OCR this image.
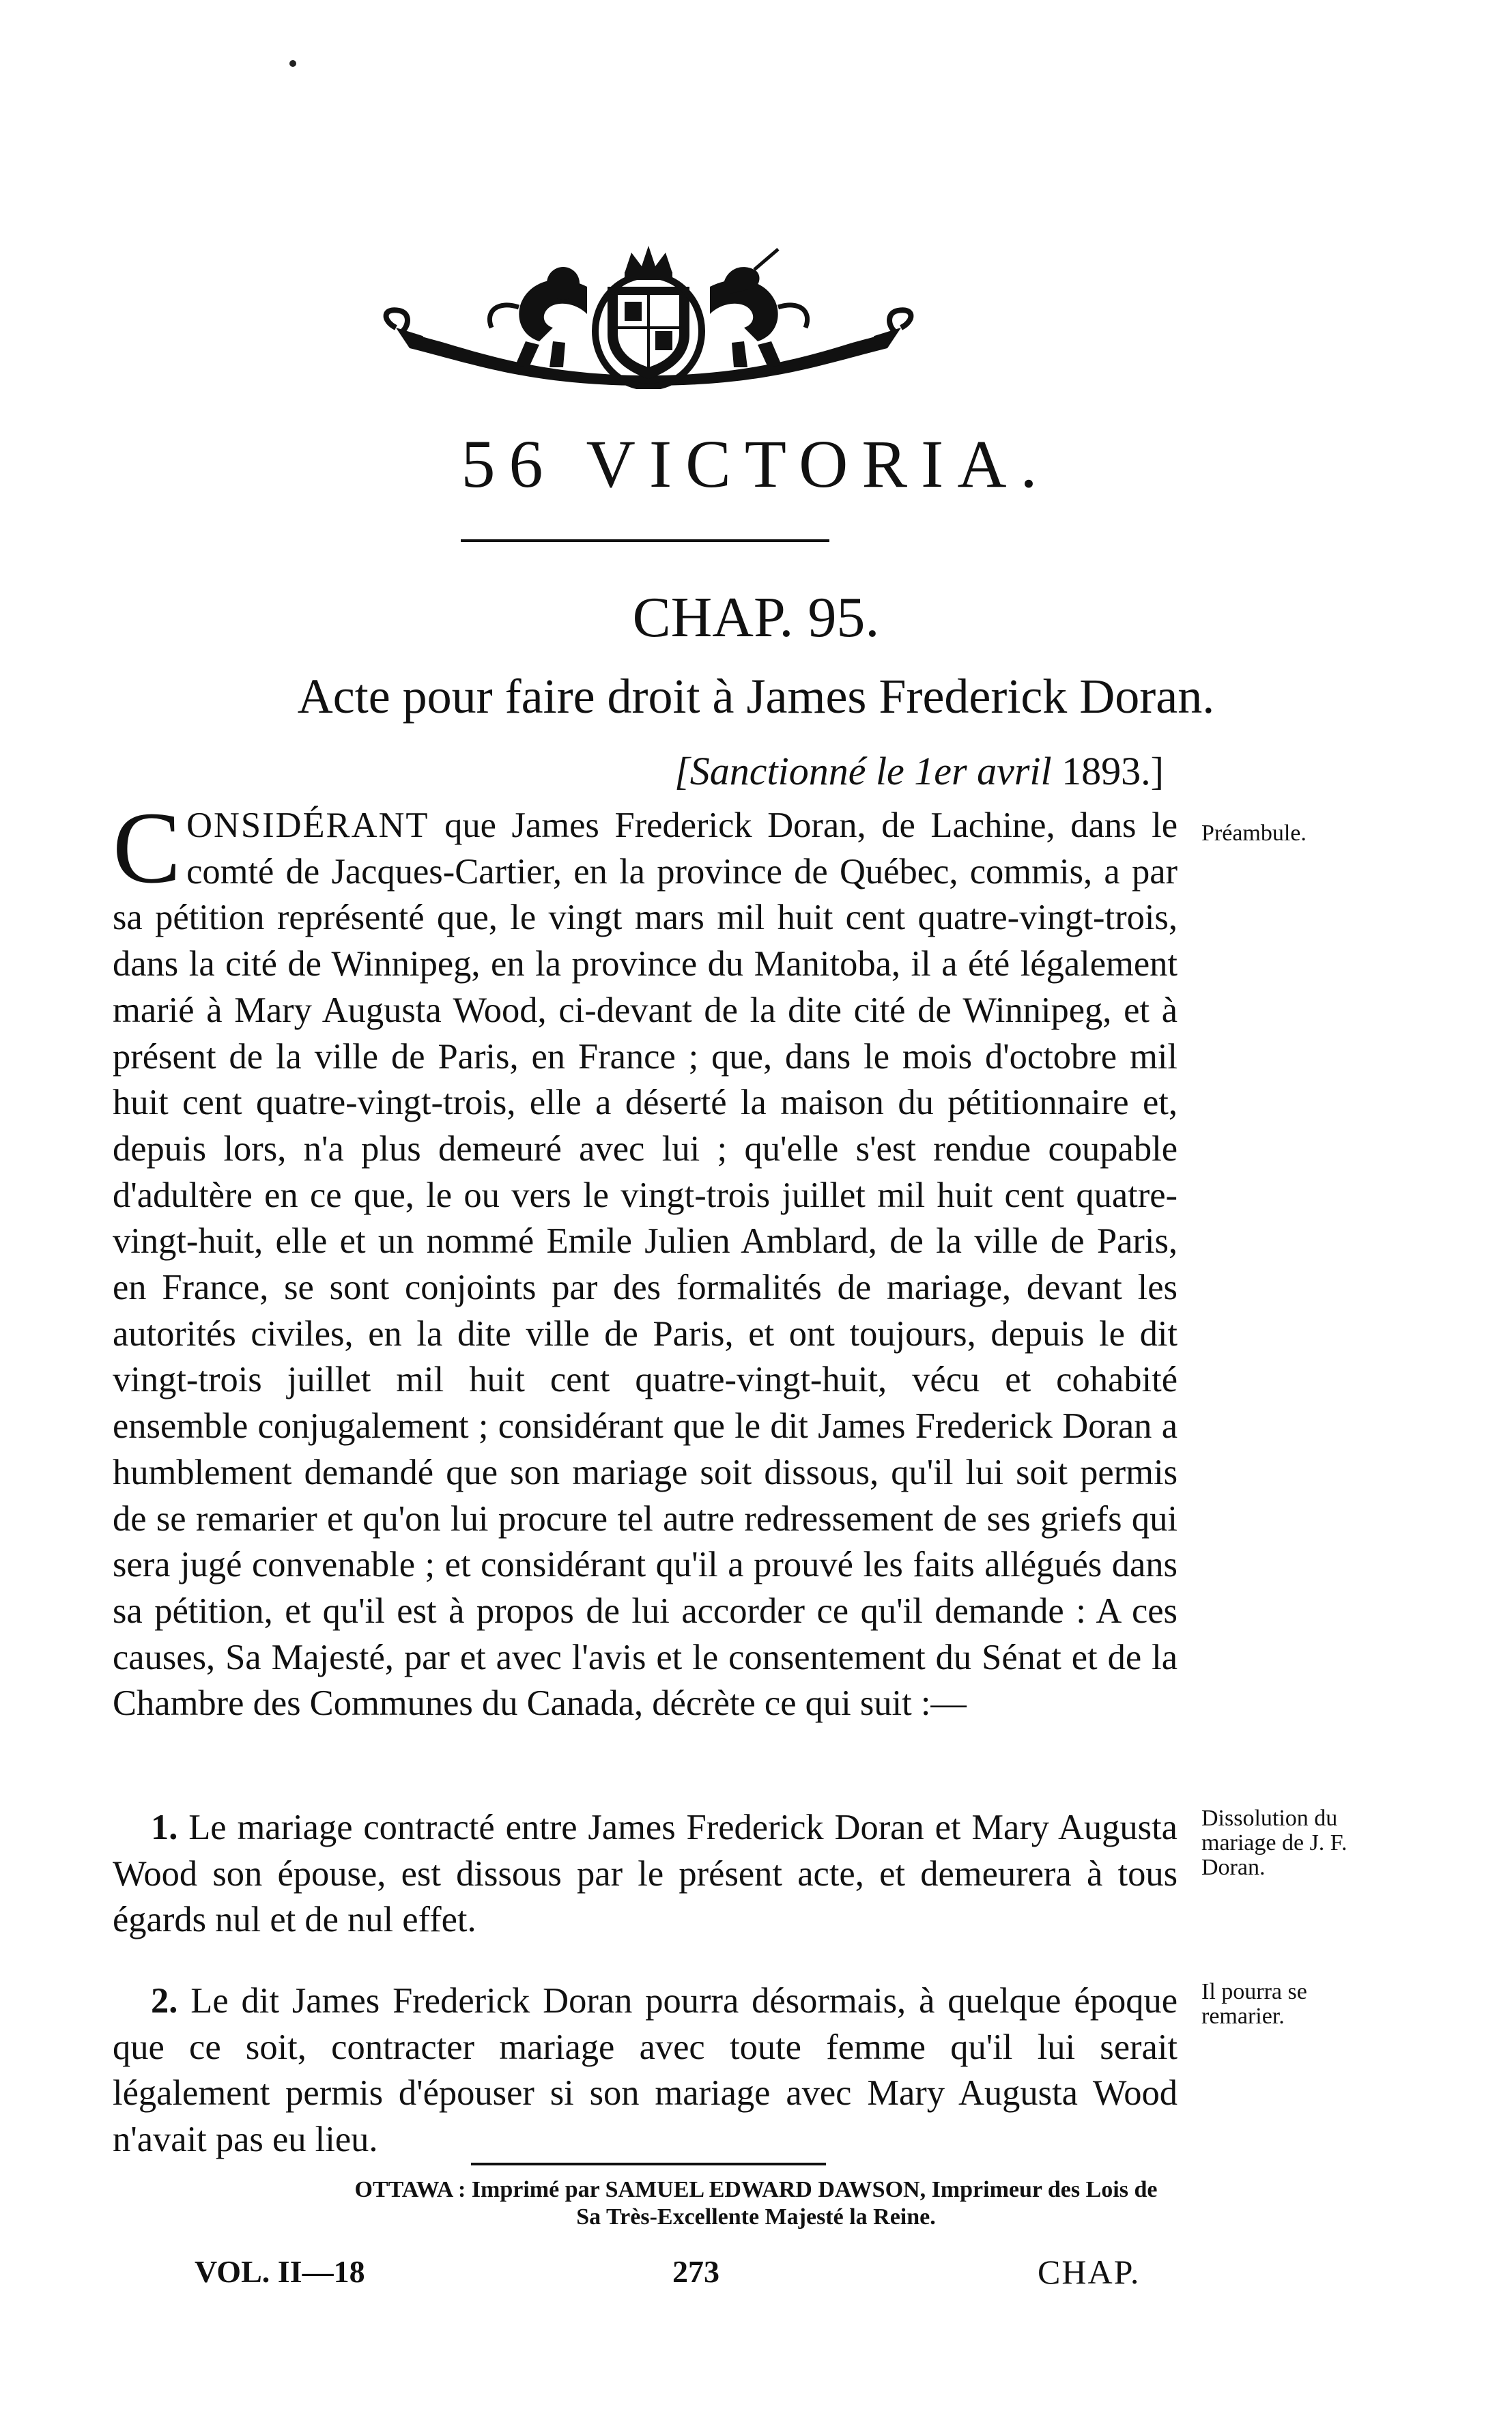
56 VICTORIA.
CHAP. 95.
Acte pour faire droit à James Frederick Doran.
[Sanctionné le 1er avril 1893.]
CONSIDÉRANT que James Frederick Doran, de Lachine, dans le comté de Jacques-Cartier, en la province de Québec, commis, a par sa pétition représenté que, le vingt mars mil huit cent quatre-vingt-trois, dans la cité de Winnipeg, en la province du Manitoba, il a été légalement marié à Mary Augusta Wood, ci-devant de la dite cité de Winnipeg, et à présent de la ville de Paris, en France ; que, dans le mois d'octobre mil huit cent quatre-vingt-trois, elle a déserté la maison du pétitionnaire et, depuis lors, n'a plus demeuré avec lui ; qu'elle s'est rendue coupable d'adultère en ce que, le ou vers le vingt-trois juillet mil huit cent quatre-vingt-huit, elle et un nommé Emile Julien Amblard, de la ville de Paris, en France, se sont conjoints par des formalités de mariage, devant les autorités civiles, en la dite ville de Paris, et ont toujours, depuis le dit vingt-trois juillet mil huit cent quatre-vingt-huit, vécu et cohabité ensemble conjugalement ; considérant que le dit James Frederick Doran a humblement demandé que son mariage soit dissous, qu'il lui soit permis de se remarier et qu'on lui procure tel autre redressement de ses griefs qui sera jugé convenable ; et considérant qu'il a prouvé les faits allégués dans sa pétition, et qu'il est à propos de lui accorder ce qu'il demande : A ces causes, Sa Majesté, par et avec l'avis et le consentement du Sénat et de la Chambre des Communes du Canada, décrète ce qui suit :—
Préambule.
1. Le mariage contracté entre James Frederick Doran et Mary Augusta Wood son épouse, est dissous par le présent acte, et demeurera à tous égards nul et de nul effet.
Dissolution du mariage de J. F. Doran.
2. Le dit James Frederick Doran pourra désormais, à quelque époque que ce soit, contracter mariage avec toute femme qu'il lui serait légalement permis d'épouser si son mariage avec Mary Augusta Wood n'avait pas eu lieu.
Il pourra se remarier.
OTTAWA : Imprimé par SAMUEL EDWARD DAWSON, Imprimeur des Lois de
Sa Très-Excellente Majesté la Reine.
VOL. II—18	273	CHAP.
